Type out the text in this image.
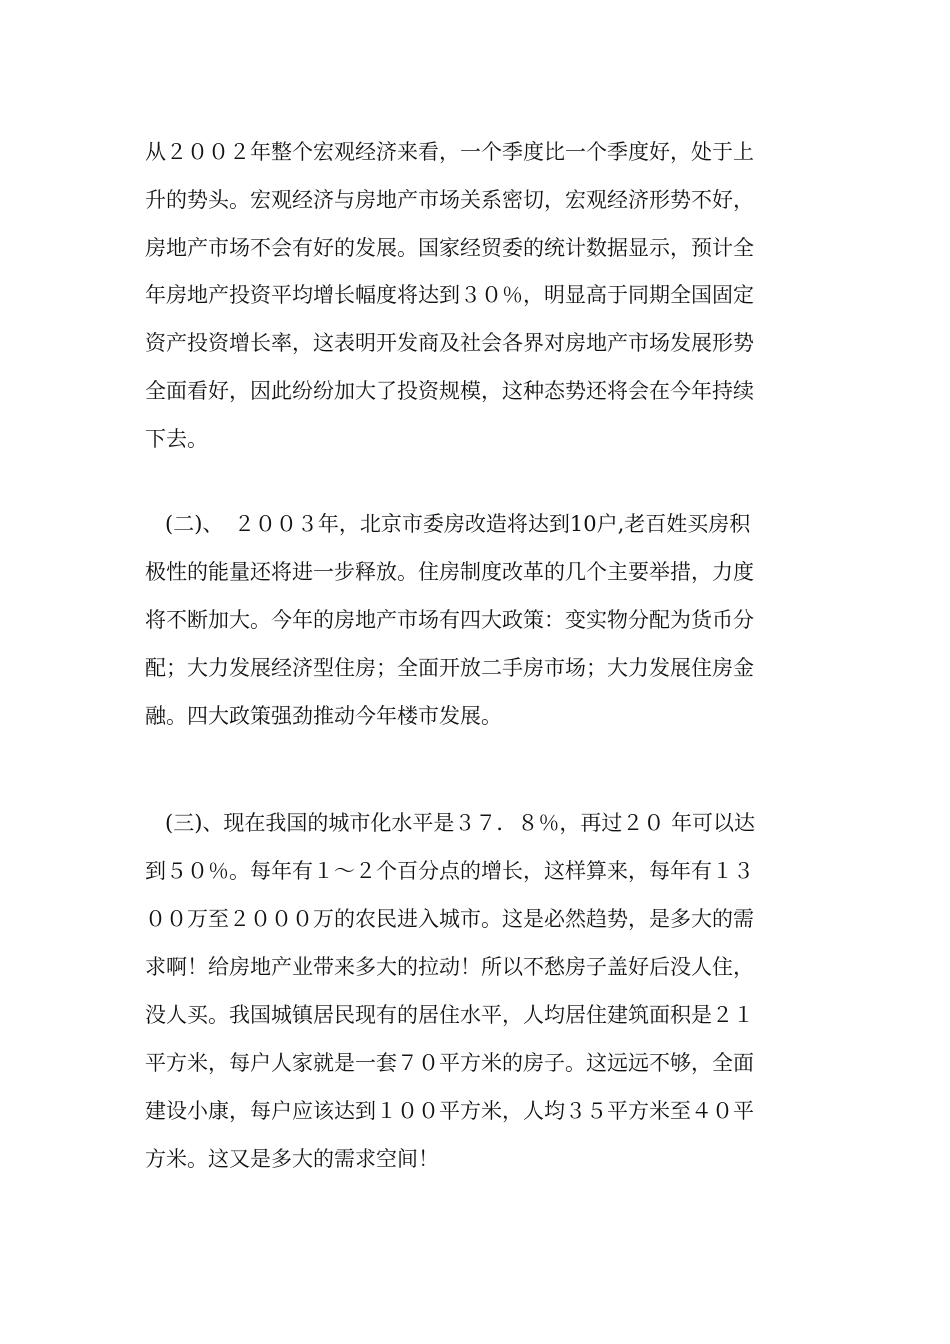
从２００２年整个宏观经济来看，一个季度比一个季度好，处于上
升的势头。宏观经济与房地产市场关系密切，宏观经济形势不好，
房地产市场不会有好的发展。国家经贸委的统计数据显示，预计全
年房地产投资平均增长幅度将达到３０％，明显高于同期全国固定
资产投资增长率，这表明开发商及社会各界对房地产市场发展形势
全面看好，因此纷纷加大了投资规模，这种态势还将会在今年持续
下去。
(二)、　２００３年，北京市委房改造将达到10户,老百姓买房积
极性的能量还将进一步释放。住房制度改革的几个主要举措，力度
将不断加大。今年的房地产市场有四大政策：变实物分配为货币分
配；大力发展经济型住房；全面开放二手房市场；大力发展住房金
融。四大政策强劲推动今年楼市发展。
(三)、现在我国的城市化水平是３７．８％，再过２０ 年可以达
到５０％。每年有１～２个百分点的增长，这样算来，每年有１３
００万至２０００万的农民进入城市。这是必然趋势，是多大的需
求啊！给房地产业带来多大的拉动！所以不愁房子盖好后没人住，
没人买。我国城镇居民现有的居住水平，人均居住建筑面积是２１
平方米，每户人家就是一套７０平方米的房子。这远远不够，全面
建设小康，每户应该达到１００平方米，人均３５平方米至４０平
方米。这又是多大的需求空间！
